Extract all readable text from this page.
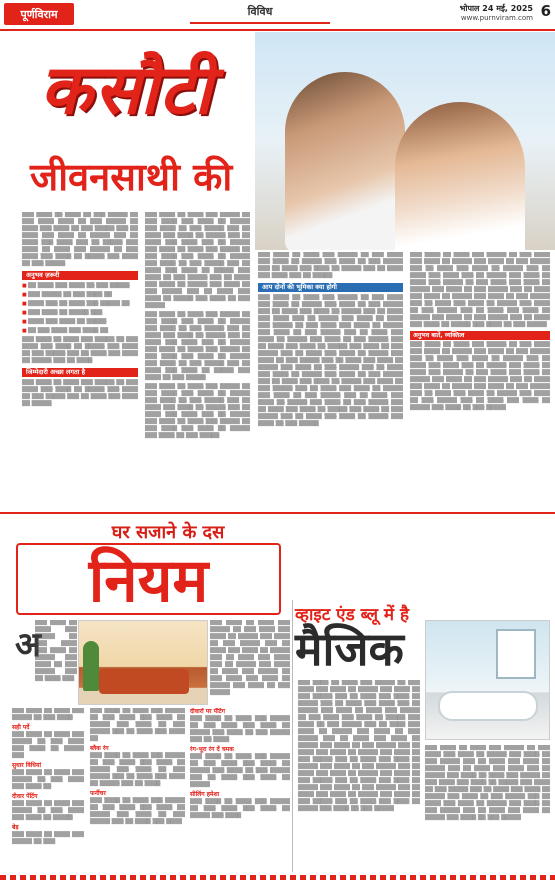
पूर्णविराम	विविध	भोपाल 24 मई, 2025
www.purnviram.com 6
कसौटी
जीवनसाथी की

▒▒▒ ▒▒▒▒ ▒▒ ▒▒▒▒ ▒▒ ▒▒▒ ▒▒▒▒▒ ▒▒ ▒▒▒ ▒▒▒▒ ▒▒▒▒ ▒▒ ▒▒▒ ▒▒▒▒▒ ▒▒ ▒▒▒▒ ▒▒▒ ▒▒▒▒ ▒▒ ▒▒▒ ▒▒▒▒▒ ▒▒▒ ▒▒ ▒▒▒▒ ▒▒▒ ▒▒▒▒ ▒▒ ▒▒▒▒▒ ▒▒▒ ▒▒ ▒▒▒▒ ▒▒▒ ▒▒▒▒ ▒▒▒ ▒▒ ▒▒▒▒▒ ▒▒▒ ▒▒▒▒ ▒▒ ▒▒▒▒ ▒▒▒ ▒▒▒▒▒ ▒▒ ▒▒▒ ▒▒▒▒ ▒▒▒ ▒▒▒▒ ▒▒ ▒▒▒▒▒ ▒▒▒ ▒▒▒▒ ▒▒ ▒▒▒ ▒▒▒▒▒

अनुभव ज़रूरी

■ ▒▒ ▒▒▒▒ ▒▒▒ ▒▒▒▒ ▒▒ ▒▒▒ ▒▒▒▒▒

■ ▒▒▒ ▒▒▒▒▒ ▒▒ ▒▒▒ ▒▒▒▒ ▒▒

■ ▒▒▒▒ ▒▒▒ ▒▒ ▒▒▒▒ ▒▒▒ ▒▒▒▒▒ ▒▒

■ ▒▒▒ ▒▒▒▒ ▒▒ ▒▒▒▒▒ ▒▒▒

■ ▒▒▒▒ ▒▒▒ ▒▒▒▒ ▒▒ ▒▒▒▒▒

■ ▒▒ ▒▒▒ ▒▒▒▒ ▒▒▒ ▒▒▒▒ ▒▒

▒▒▒ ▒▒▒▒ ▒▒ ▒▒▒▒ ▒▒▒ ▒▒▒▒▒ ▒▒ ▒▒▒ ▒▒▒▒ ▒▒▒ ▒▒▒▒ ▒▒ ▒▒▒▒▒ ▒▒▒ ▒▒▒▒ ▒▒ ▒▒▒ ▒▒▒▒▒ ▒▒▒ ▒▒ ▒▒▒▒ ▒▒▒ ▒▒▒▒ ▒▒ ▒▒▒▒▒ ▒▒▒ ▒▒ ▒▒▒▒

जिम्मेदारी अच्छा लगता है

▒▒▒ ▒▒▒▒ ▒▒ ▒▒▒▒ ▒▒▒ ▒▒▒▒▒ ▒▒ ▒▒▒ ▒▒▒▒ ▒▒▒ ▒▒▒▒ ▒▒ ▒▒▒▒▒ ▒▒▒ ▒▒▒▒ ▒▒ ▒▒▒ ▒▒▒▒▒ ▒▒▒ ▒▒ ▒▒▒▒ ▒▒▒ ▒▒▒▒ ▒▒ ▒▒▒▒▒

▒▒▒ ▒▒▒▒ ▒▒ ▒▒▒▒ ▒▒▒ ▒▒▒▒▒ ▒▒ ▒▒▒ ▒▒▒▒ ▒▒▒ ▒▒▒▒ ▒▒ ▒▒▒▒▒ ▒▒▒ ▒▒▒▒ ▒▒ ▒▒▒ ▒▒▒▒▒ ▒▒▒ ▒▒ ▒▒▒▒ ▒▒▒ ▒▒▒▒ ▒▒ ▒▒▒▒▒ ▒▒▒ ▒▒ ▒▒▒▒ ▒▒▒ ▒▒▒▒ ▒▒▒ ▒▒ ▒▒▒▒▒ ▒▒▒ ▒▒▒▒ ▒▒ ▒▒▒▒ ▒▒▒ ▒▒▒▒▒ ▒▒ ▒▒▒ ▒▒▒▒ ▒▒▒ ▒▒▒▒ ▒▒ ▒▒▒▒▒ ▒▒▒ ▒▒▒▒ ▒▒ ▒▒▒ ▒▒▒▒▒ ▒▒▒ ▒▒ ▒▒▒▒ ▒▒▒ ▒▒▒▒ ▒▒ ▒▒▒▒▒ ▒▒▒ ▒▒▒▒ ▒▒ ▒▒▒ ▒▒▒▒▒ ▒▒▒ ▒▒ ▒▒▒▒ ▒▒▒ ▒▒▒▒ ▒▒ ▒▒▒▒▒ ▒▒▒ ▒▒▒▒ ▒▒ ▒▒▒ ▒▒▒▒▒ ▒▒▒ ▒▒ ▒▒▒▒ ▒▒▒ ▒▒▒▒ ▒▒ ▒▒▒▒▒ ▒▒▒ ▒▒▒▒ ▒▒ ▒▒▒ ▒▒▒▒▒

▒▒▒ ▒▒▒▒ ▒▒ ▒▒▒▒ ▒▒▒ ▒▒▒▒▒ ▒▒ ▒▒▒ ▒▒▒▒ ▒▒▒ ▒▒▒▒ ▒▒ ▒▒▒▒▒ ▒▒▒ ▒▒▒▒ ▒▒ ▒▒▒ ▒▒▒▒▒ ▒▒▒ ▒▒ ▒▒▒▒ ▒▒▒ ▒▒▒▒ ▒▒ ▒▒▒▒▒ ▒▒▒ ▒▒ ▒▒▒▒ ▒▒▒ ▒▒▒▒ ▒▒▒ ▒▒ ▒▒▒▒▒ ▒▒▒ ▒▒▒▒ ▒▒ ▒▒▒▒ ▒▒▒ ▒▒▒▒▒ ▒▒ ▒▒▒ ▒▒▒▒ ▒▒▒ ▒▒▒▒ ▒▒ ▒▒▒▒▒ ▒▒▒ ▒▒▒▒ ▒▒ ▒▒▒ ▒▒▒▒▒ ▒▒▒ ▒▒ ▒▒▒▒ ▒▒▒ ▒▒▒▒ ▒▒ ▒▒▒▒▒ ▒▒▒ ▒▒▒▒ ▒▒ ▒▒▒ ▒▒▒▒▒

▒▒▒ ▒▒▒▒ ▒▒ ▒▒▒▒ ▒▒▒ ▒▒▒▒▒ ▒▒ ▒▒▒ ▒▒▒▒ ▒▒▒ ▒▒▒▒ ▒▒ ▒▒▒▒▒ ▒▒▒ ▒▒▒▒ ▒▒ ▒▒▒ ▒▒▒▒▒ ▒▒▒ ▒▒ ▒▒▒▒ ▒▒▒ ▒▒▒▒ ▒▒ ▒▒▒▒▒ ▒▒▒ ▒▒ ▒▒▒▒ ▒▒▒ ▒▒▒▒ ▒▒▒ ▒▒ ▒▒▒▒▒ ▒▒▒ ▒▒▒▒ ▒▒ ▒▒▒▒ ▒▒▒ ▒▒▒▒▒ ▒▒ ▒▒▒ ▒▒▒▒ ▒▒▒ ▒▒▒▒ ▒▒ ▒▒▒▒▒ ▒▒▒ ▒▒▒▒ ▒▒ ▒▒▒ ▒▒▒▒▒

▒▒▒ ▒▒▒▒ ▒▒ ▒▒▒▒ ▒▒▒ ▒▒▒▒▒ ▒▒ ▒▒▒ ▒▒▒▒ ▒▒▒ ▒▒▒▒ ▒▒ ▒▒▒▒▒ ▒▒▒ ▒▒▒▒ ▒▒ ▒▒▒ ▒▒▒▒▒ ▒▒▒ ▒▒ ▒▒▒▒ ▒▒▒ ▒▒▒▒ ▒▒ ▒▒▒▒▒ ▒▒▒ ▒▒ ▒▒▒▒ ▒▒▒ ▒▒▒▒ ▒▒▒ ▒▒ ▒▒▒▒▒

आप दोनों की भूमिका क्या होगी

▒▒▒ ▒▒▒▒ ▒▒ ▒▒▒▒ ▒▒▒ ▒▒▒▒▒ ▒▒ ▒▒▒ ▒▒▒▒ ▒▒▒ ▒▒▒▒ ▒▒ ▒▒▒▒▒ ▒▒▒ ▒▒▒▒ ▒▒ ▒▒▒ ▒▒▒▒▒ ▒▒▒ ▒▒ ▒▒▒▒ ▒▒▒ ▒▒▒▒ ▒▒ ▒▒▒▒▒ ▒▒▒ ▒▒ ▒▒▒▒ ▒▒▒ ▒▒▒▒ ▒▒▒ ▒▒ ▒▒▒▒▒ ▒▒▒ ▒▒▒▒ ▒▒ ▒▒▒▒ ▒▒▒ ▒▒▒▒▒ ▒▒ ▒▒▒ ▒▒▒▒ ▒▒▒ ▒▒▒▒ ▒▒ ▒▒▒▒▒ ▒▒▒ ▒▒▒▒ ▒▒ ▒▒▒ ▒▒▒▒▒ ▒▒▒ ▒▒ ▒▒▒▒ ▒▒▒ ▒▒▒▒ ▒▒ ▒▒▒▒▒ ▒▒▒ ▒▒▒▒ ▒▒ ▒▒▒ ▒▒▒▒▒ ▒▒▒ ▒▒ ▒▒▒▒ ▒▒▒ ▒▒▒▒ ▒▒ ▒▒▒▒▒ ▒▒▒ ▒▒▒▒ ▒▒ ▒▒▒ ▒▒▒▒▒ ▒▒▒ ▒▒ ▒▒▒▒ ▒▒▒ ▒▒▒▒ ▒▒ ▒▒▒▒▒ ▒▒▒ ▒▒▒▒ ▒▒ ▒▒▒ ▒▒▒▒▒ ▒▒▒ ▒▒ ▒▒▒▒ ▒▒▒ ▒▒▒▒ ▒▒ ▒▒▒▒▒ ▒▒▒ ▒▒▒▒ ▒▒ ▒▒▒ ▒▒▒▒▒ ▒▒▒ ▒▒ ▒▒▒▒ ▒▒▒ ▒▒▒▒ ▒▒ ▒▒▒▒▒ ▒▒▒ ▒▒▒▒ ▒▒ ▒▒▒ ▒▒▒▒▒ ▒▒▒ ▒▒ ▒▒▒▒ ▒▒▒ ▒▒▒▒ ▒▒ ▒▒▒▒▒ ▒▒▒ ▒▒▒▒ ▒▒ ▒▒▒ ▒▒▒▒▒ ▒▒▒ ▒▒ ▒▒▒▒ ▒▒▒ ▒▒▒▒ ▒▒ ▒▒▒▒▒ ▒▒▒ ▒▒▒▒ ▒▒ ▒▒▒ ▒▒▒▒▒ ▒▒▒ ▒▒ ▒▒▒▒ ▒▒▒ ▒▒▒▒ ▒▒ ▒▒▒▒▒ ▒▒▒ ▒▒▒▒ ▒▒ ▒▒▒ ▒▒▒▒▒ ▒▒▒ ▒▒ ▒▒▒▒ ▒▒▒ ▒▒▒▒ ▒▒ ▒▒▒▒▒ ▒▒▒ ▒▒▒▒ ▒▒ ▒▒▒ ▒▒▒▒▒ ▒▒▒ ▒▒ ▒▒▒▒ ▒▒▒ ▒▒▒▒ ▒▒ ▒▒▒▒▒ ▒▒▒ ▒▒▒▒ ▒▒ ▒▒▒ ▒▒▒▒▒

▒▒▒ ▒▒▒▒ ▒▒ ▒▒▒▒ ▒▒▒ ▒▒▒▒▒ ▒▒ ▒▒▒ ▒▒▒▒ ▒▒▒ ▒▒▒▒ ▒▒ ▒▒▒▒▒ ▒▒▒ ▒▒▒▒ ▒▒ ▒▒▒ ▒▒▒▒▒ ▒▒▒ ▒▒ ▒▒▒▒ ▒▒▒ ▒▒▒▒ ▒▒ ▒▒▒▒▒ ▒▒▒ ▒▒ ▒▒▒▒ ▒▒▒ ▒▒▒▒ ▒▒▒ ▒▒ ▒▒▒▒▒ ▒▒▒ ▒▒▒▒ ▒▒ ▒▒▒▒ ▒▒▒ ▒▒▒▒▒ ▒▒ ▒▒▒ ▒▒▒▒ ▒▒▒ ▒▒▒▒ ▒▒ ▒▒▒▒▒ ▒▒▒ ▒▒▒▒ ▒▒ ▒▒▒ ▒▒▒▒▒ ▒▒▒ ▒▒ ▒▒▒▒ ▒▒▒ ▒▒▒▒ ▒▒ ▒▒▒▒▒ ▒▒▒ ▒▒▒▒ ▒▒ ▒▒▒ ▒▒▒▒▒ ▒▒▒ ▒▒ ▒▒▒▒ ▒▒▒ ▒▒▒▒ ▒▒ ▒▒▒▒▒ ▒▒▒ ▒▒▒▒ ▒▒ ▒▒▒ ▒▒▒▒▒ ▒▒▒ ▒▒ ▒▒▒▒ ▒▒▒ ▒▒▒▒ ▒▒ ▒▒▒▒▒ ▒▒▒ ▒▒▒▒ ▒▒ ▒▒▒ ▒▒▒▒▒ ▒▒▒ ▒▒ ▒▒▒▒ ▒▒▒ ▒▒▒▒ ▒▒ ▒▒▒▒▒ ▒▒▒ ▒▒▒▒ ▒▒ ▒▒▒ ▒▒▒▒▒

अनुभव बातें, व्यक्तित्व

▒▒▒ ▒▒▒▒ ▒▒ ▒▒▒▒ ▒▒▒ ▒▒▒▒▒ ▒▒ ▒▒▒ ▒▒▒▒ ▒▒▒ ▒▒▒▒ ▒▒ ▒▒▒▒▒ ▒▒▒ ▒▒▒▒ ▒▒ ▒▒▒ ▒▒▒▒▒ ▒▒▒ ▒▒ ▒▒▒▒ ▒▒▒ ▒▒▒▒ ▒▒ ▒▒▒▒▒ ▒▒▒ ▒▒ ▒▒▒▒ ▒▒▒ ▒▒▒▒ ▒▒▒ ▒▒ ▒▒▒▒▒ ▒▒▒ ▒▒▒▒ ▒▒ ▒▒▒▒ ▒▒▒ ▒▒▒▒▒ ▒▒ ▒▒▒ ▒▒▒▒ ▒▒▒ ▒▒▒▒ ▒▒ ▒▒▒▒▒ ▒▒▒ ▒▒▒▒ ▒▒ ▒▒▒ ▒▒▒▒▒ ▒▒▒ ▒▒ ▒▒▒▒ ▒▒▒ ▒▒▒▒ ▒▒ ▒▒▒▒▒ ▒▒▒ ▒▒▒▒ ▒▒ ▒▒▒ ▒▒▒▒▒ ▒▒▒ ▒▒ ▒▒▒▒ ▒▒▒ ▒▒▒▒ ▒▒ ▒▒▒▒▒ ▒▒▒ ▒▒▒▒ ▒▒ ▒▒▒ ▒▒▒▒▒ ▒▒▒ ▒▒ ▒▒▒▒ ▒▒▒ ▒▒▒▒ ▒▒ ▒▒▒▒▒ ▒▒▒ ▒▒▒▒ ▒▒ ▒▒▒ ▒▒▒▒▒

घर सजाने के दस
नियम
अ

▒▒▒ ▒▒▒▒ ▒▒ ▒▒▒▒ ▒▒▒ ▒▒▒▒▒ ▒▒ ▒▒▒ ▒▒▒▒ ▒▒▒ ▒▒▒▒ ▒▒ ▒▒▒▒▒ ▒▒▒ ▒▒▒▒ ▒▒ ▒▒▒ ▒▒▒▒▒ ▒▒▒ ▒▒ ▒▒▒▒ ▒▒▒

▒▒▒ ▒▒▒▒ ▒▒ ▒▒▒▒ ▒▒▒ ▒▒▒▒▒ ▒▒ ▒▒▒ ▒▒▒▒ ▒▒▒ ▒▒▒▒ ▒▒ ▒▒▒▒▒ ▒▒▒ ▒▒▒▒ ▒▒ ▒▒▒ ▒▒▒▒▒ ▒▒▒ ▒▒ ▒▒▒▒ ▒▒▒ ▒▒▒▒ ▒▒ ▒▒▒▒▒ ▒▒▒ ▒▒ ▒▒▒▒ ▒▒▒ ▒▒▒▒ ▒▒▒ ▒▒ ▒▒▒▒▒ ▒▒▒ ▒▒▒▒ ▒▒ ▒▒▒▒ ▒▒▒ ▒▒▒▒▒ ▒▒ ▒▒▒ ▒▒▒▒ ▒▒▒ ▒▒▒▒ ▒▒ ▒▒▒▒▒ ▒▒▒ ▒▒▒▒ ▒▒ ▒▒▒ ▒▒▒▒▒

▒▒▒ ▒▒▒▒ ▒▒ ▒▒▒▒ ▒▒▒ ▒▒▒▒▒ ▒▒ ▒▒▒ ▒▒▒▒

सही पर्दे

▒▒▒ ▒▒▒▒ ▒▒ ▒▒▒▒ ▒▒▒ ▒▒▒▒▒ ▒▒ ▒▒▒ ▒▒▒▒ ▒▒▒ ▒▒▒▒ ▒▒ ▒▒▒▒▒ ▒▒▒

सुधार विधियां

▒▒▒ ▒▒▒▒ ▒▒ ▒▒▒▒ ▒▒▒ ▒▒▒▒▒ ▒▒ ▒▒▒ ▒▒▒▒ ▒▒▒ ▒▒▒▒ ▒▒

दीवार पेंटिंग

▒▒▒ ▒▒▒▒ ▒▒ ▒▒▒▒ ▒▒▒ ▒▒▒▒▒ ▒▒ ▒▒▒ ▒▒▒▒ ▒▒▒ ▒▒▒▒ ▒▒ ▒▒▒▒▒

बेड़

▒▒▒ ▒▒▒▒ ▒▒ ▒▒▒▒ ▒▒▒ ▒▒▒▒▒ ▒▒ ▒▒▒

▒▒▒ ▒▒▒▒ ▒▒ ▒▒▒▒ ▒▒▒ ▒▒▒▒▒ ▒▒ ▒▒▒ ▒▒▒▒ ▒▒▒ ▒▒▒▒ ▒▒ ▒▒▒▒▒ ▒▒▒ ▒▒▒▒ ▒▒ ▒▒▒ ▒▒▒▒▒ ▒▒▒ ▒▒ ▒▒▒▒ ▒▒▒ ▒▒▒▒ ▒▒

ब्लैक रंग

▒▒▒ ▒▒▒▒ ▒▒ ▒▒▒▒ ▒▒▒ ▒▒▒▒▒ ▒▒ ▒▒▒ ▒▒▒▒ ▒▒▒ ▒▒▒▒ ▒▒ ▒▒▒▒▒ ▒▒▒ ▒▒▒▒ ▒▒ ▒▒▒ ▒▒▒▒▒ ▒▒▒ ▒▒ ▒▒▒▒ ▒▒▒ ▒▒▒▒ ▒▒ ▒▒▒▒▒ ▒▒▒ ▒▒ ▒▒▒▒

फर्नीचर

▒▒▒ ▒▒▒▒ ▒▒ ▒▒▒▒ ▒▒▒ ▒▒▒▒▒ ▒▒ ▒▒▒ ▒▒▒▒ ▒▒▒ ▒▒▒▒ ▒▒ ▒▒▒▒▒ ▒▒▒ ▒▒▒▒ ▒▒ ▒▒▒ ▒▒▒▒▒ ▒▒▒ ▒▒ ▒▒▒▒ ▒▒▒ ▒▒▒▒

दीवारों पर पेंटिंग

▒▒▒ ▒▒▒▒ ▒▒ ▒▒▒▒ ▒▒▒ ▒▒▒▒▒ ▒▒ ▒▒▒ ▒▒▒▒ ▒▒▒ ▒▒▒▒ ▒▒ ▒▒▒▒▒ ▒▒▒ ▒▒▒▒ ▒▒ ▒▒▒ ▒▒▒▒▒ ▒▒▒ ▒▒ ▒▒▒▒

रंग-भूरा रंग दें चमक

▒▒▒ ▒▒▒▒ ▒▒ ▒▒▒▒ ▒▒▒ ▒▒▒▒▒ ▒▒ ▒▒▒ ▒▒▒▒ ▒▒▒ ▒▒▒▒ ▒▒ ▒▒▒▒▒ ▒▒▒ ▒▒▒▒ ▒▒ ▒▒▒ ▒▒▒▒▒ ▒▒▒ ▒▒ ▒▒▒▒ ▒▒▒ ▒▒▒▒ ▒▒ ▒▒▒▒▒

सीलिंग हमेशा

▒▒▒ ▒▒▒▒ ▒▒ ▒▒▒▒ ▒▒▒ ▒▒▒▒▒ ▒▒ ▒▒▒ ▒▒▒▒ ▒▒▒ ▒▒▒▒ ▒▒ ▒▒▒▒▒ ▒▒▒ ▒▒▒▒

व्हाइट एंड ब्लू में है
मैजिक

▒▒▒ ▒▒▒▒ ▒▒ ▒▒▒▒ ▒▒▒ ▒▒▒▒▒ ▒▒ ▒▒▒ ▒▒▒▒ ▒▒▒ ▒▒▒▒ ▒▒ ▒▒▒▒▒ ▒▒▒ ▒▒▒▒ ▒▒ ▒▒▒ ▒▒▒▒▒ ▒▒▒ ▒▒ ▒▒▒▒ ▒▒▒ ▒▒▒▒ ▒▒ ▒▒▒▒▒ ▒▒▒ ▒▒ ▒▒▒▒ ▒▒▒ ▒▒▒▒ ▒▒▒ ▒▒ ▒▒▒▒▒ ▒▒▒ ▒▒▒▒ ▒▒ ▒▒▒▒ ▒▒▒ ▒▒▒▒▒ ▒▒ ▒▒▒ ▒▒▒▒ ▒▒▒ ▒▒▒▒ ▒▒ ▒▒▒▒▒ ▒▒▒ ▒▒▒▒ ▒▒ ▒▒▒ ▒▒▒▒▒ ▒▒▒ ▒▒ ▒▒▒▒ ▒▒▒ ▒▒▒▒ ▒▒ ▒▒▒▒▒ ▒▒▒ ▒▒▒▒ ▒▒ ▒▒▒ ▒▒▒▒▒ ▒▒▒ ▒▒ ▒▒▒▒ ▒▒▒ ▒▒▒▒ ▒▒ ▒▒▒▒▒ ▒▒▒ ▒▒▒▒ ▒▒ ▒▒▒ ▒▒▒▒▒ ▒▒▒ ▒▒ ▒▒▒▒ ▒▒▒ ▒▒▒▒ ▒▒ ▒▒▒▒▒ ▒▒▒ ▒▒▒▒ ▒▒ ▒▒▒ ▒▒▒▒▒ ▒▒▒ ▒▒ ▒▒▒▒ ▒▒▒ ▒▒▒▒ ▒▒ ▒▒▒▒▒ ▒▒▒ ▒▒▒▒ ▒▒ ▒▒▒ ▒▒▒▒▒ ▒▒▒ ▒▒ ▒▒▒▒ ▒▒▒ ▒▒▒▒ ▒▒ ▒▒▒▒▒ ▒▒▒ ▒▒▒▒ ▒▒ ▒▒▒ ▒▒▒▒▒ ▒▒▒ ▒▒ ▒▒▒▒ ▒▒▒ ▒▒▒▒ ▒▒ ▒▒▒▒▒ ▒▒▒ ▒▒▒▒ ▒▒ ▒▒▒ ▒▒▒▒▒ ▒▒▒ ▒▒ ▒▒▒▒ ▒▒▒ ▒▒▒▒ ▒▒ ▒▒▒▒▒ ▒▒▒ ▒▒▒▒ ▒▒ ▒▒▒ ▒▒▒▒▒ ▒▒▒ ▒▒ ▒▒▒▒ ▒▒▒ ▒▒▒▒ ▒▒ ▒▒▒▒▒ ▒▒▒ ▒▒▒▒ ▒▒ ▒▒▒ ▒▒▒▒▒

▒▒▒ ▒▒▒▒ ▒▒ ▒▒▒▒ ▒▒▒ ▒▒▒▒▒ ▒▒ ▒▒▒ ▒▒▒▒ ▒▒▒ ▒▒▒▒ ▒▒ ▒▒▒▒▒ ▒▒▒ ▒▒▒▒ ▒▒ ▒▒▒ ▒▒▒▒▒ ▒▒▒ ▒▒ ▒▒▒▒ ▒▒▒ ▒▒▒▒ ▒▒ ▒▒▒▒▒ ▒▒▒ ▒▒ ▒▒▒▒ ▒▒▒ ▒▒▒▒ ▒▒▒ ▒▒ ▒▒▒▒▒ ▒▒▒ ▒▒▒▒ ▒▒ ▒▒▒▒ ▒▒▒ ▒▒▒▒▒ ▒▒ ▒▒▒ ▒▒▒▒ ▒▒▒ ▒▒▒▒ ▒▒ ▒▒▒▒▒ ▒▒▒ ▒▒▒▒ ▒▒ ▒▒▒ ▒▒▒▒▒ ▒▒▒ ▒▒ ▒▒▒▒ ▒▒▒ ▒▒▒▒ ▒▒ ▒▒▒▒▒ ▒▒▒ ▒▒▒▒ ▒▒ ▒▒▒ ▒▒▒▒▒ ▒▒▒ ▒▒ ▒▒▒▒ ▒▒▒ ▒▒▒▒ ▒▒ ▒▒▒▒▒ ▒▒▒ ▒▒▒▒ ▒▒ ▒▒▒ ▒▒▒▒▒ ▒▒▒ ▒▒ ▒▒▒▒ ▒▒▒ ▒▒▒▒ ▒▒ ▒▒▒▒▒ ▒▒▒ ▒▒▒▒ ▒▒ ▒▒▒ ▒▒▒▒▒
